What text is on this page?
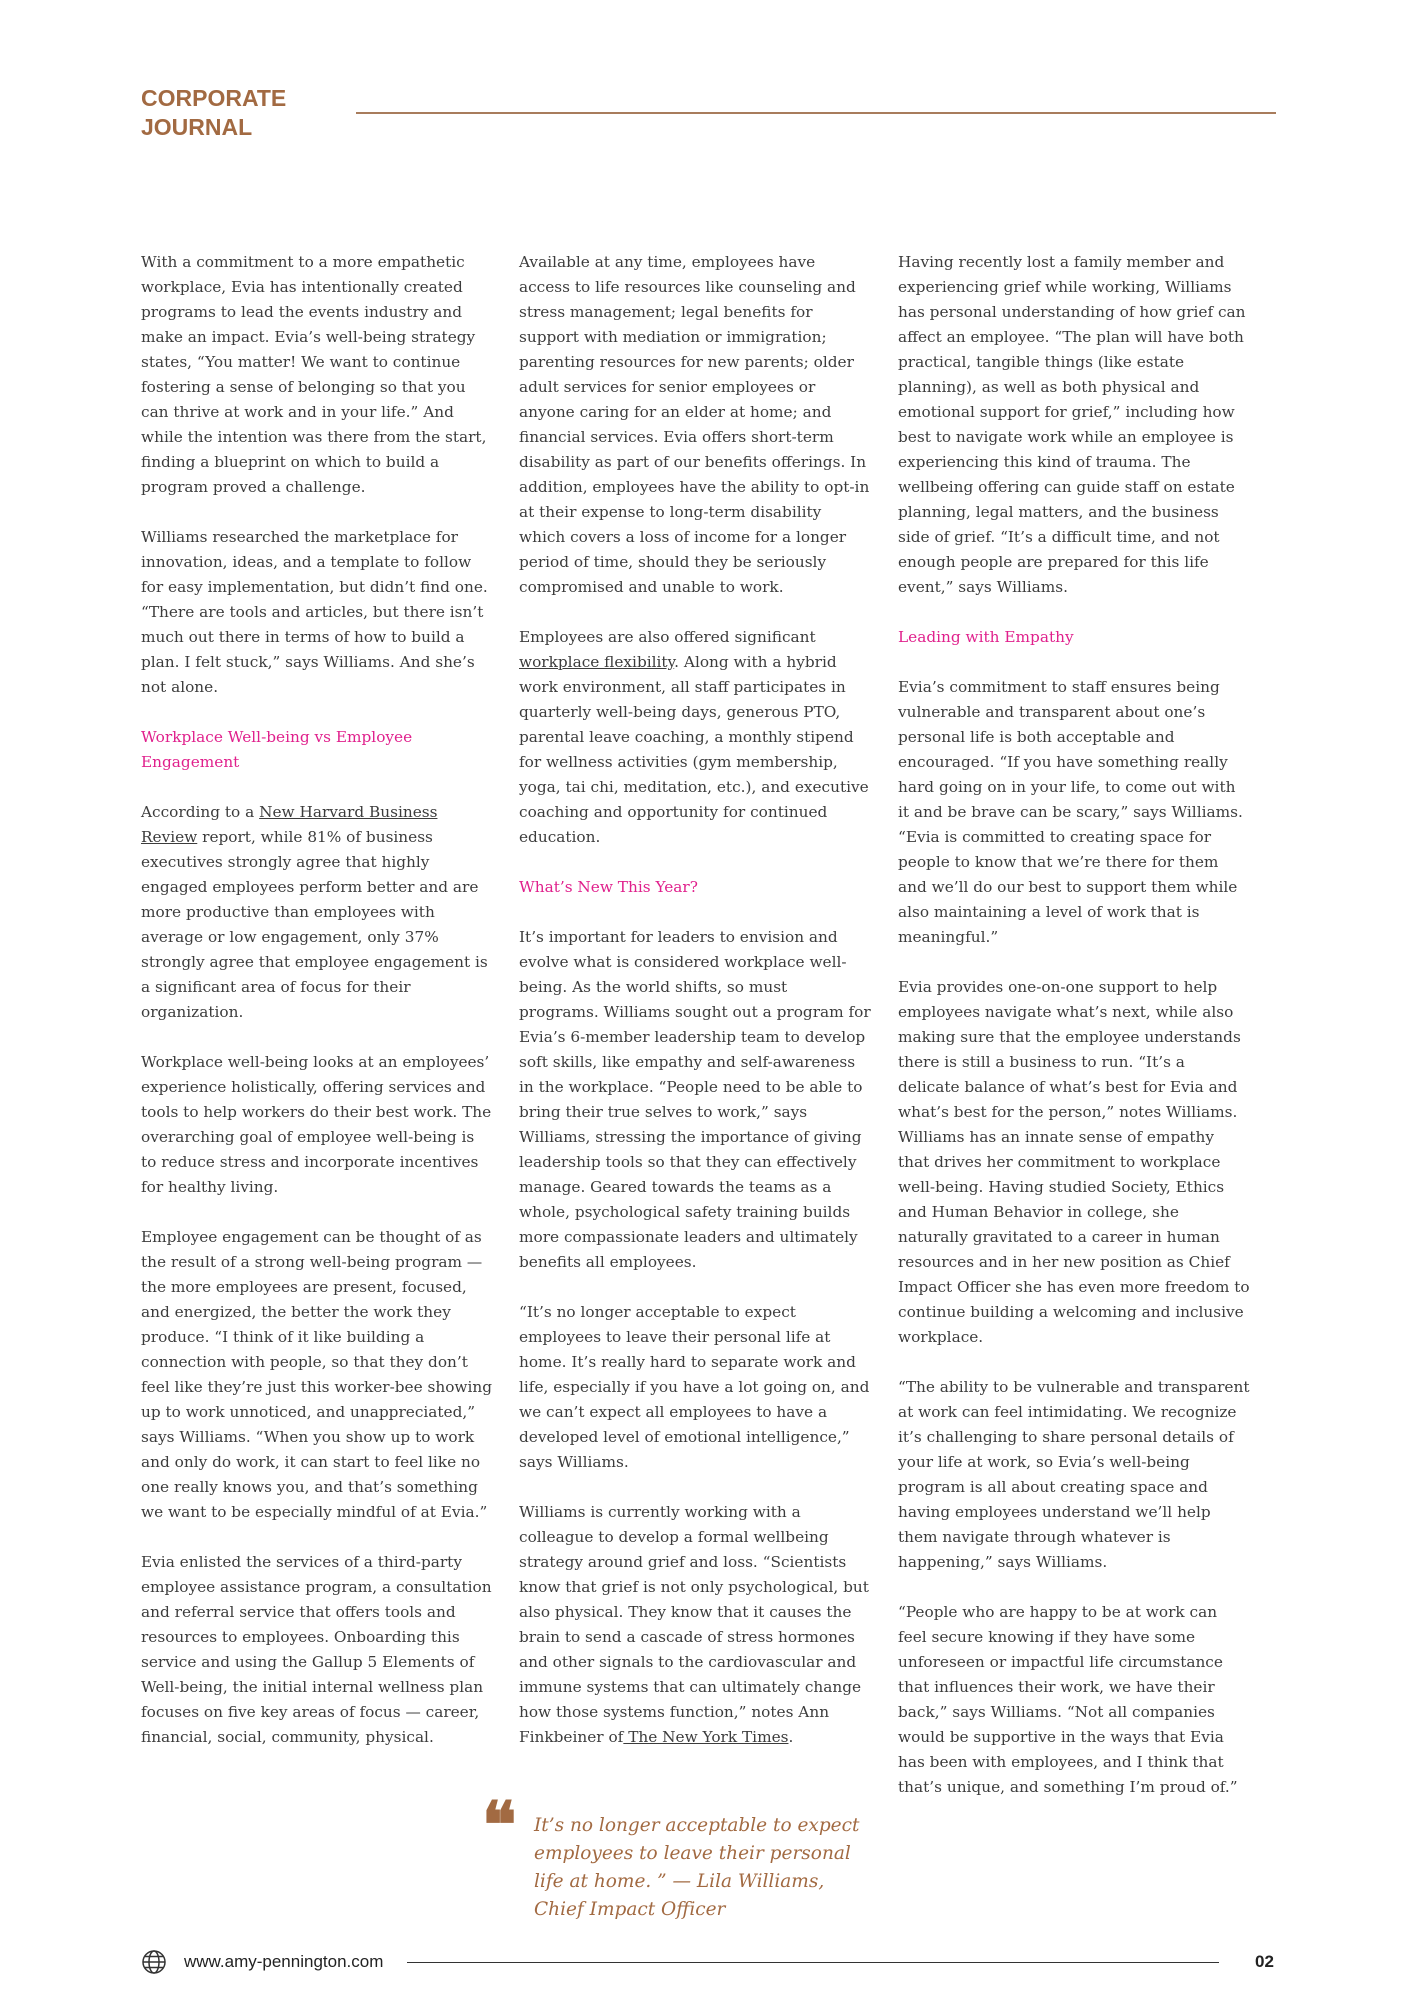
CORPORATE
JOURNAL

With a commitment to a more empathetic workplace, Evia has intentionally created programs to lead the events industry and make an impact. Evia’s well-being strategy states, “You matter! We want to continue fostering a sense of belonging so that you can thrive at work and in your life.” And while the intention was there from the start, finding a blueprint on which to build a program proved a challenge.

Williams researched the marketplace for innovation, ideas, and a template to follow for easy implementation, but didn’t find one. “There are tools and articles, but there isn’t much out there in terms of how to build a plan. I felt stuck,” says Williams. And she’s not alone.

Workplace Well-being vs Employee Engagement

According to a New Harvard Business Review report, while 81% of business executives strongly agree that highly engaged employees perform better and are more productive than employees with average or low engagement, only 37% strongly agree that employee engagement is a significant area of focus for their organization.

Workplace well-being looks at an employees’ experience holistically, offering services and tools to help workers do their best work. The overarching goal of employee well-being is to reduce stress and incorporate incentives for healthy living.

Employee engagement can be thought of as the result of a strong well-being program — the more employees are present, focused, and energized, the better the work they produce. “I think of it like building a connection with people, so that they don’t feel like they’re just this worker-bee showing up to work unnoticed, and unappreciated,” says Williams. “When you show up to work and only do work, it can start to feel like no one really knows you, and that’s something we want to be especially mindful of at Evia.”

Evia enlisted the services of a third-party employee assistance program, a consultation and referral service that offers tools and resources to employees. Onboarding this service and using the Gallup 5 Elements of Well-being, the initial internal wellness plan focuses on five key areas of focus — career, financial, social, community, physical.

Available at any time, employees have access to life resources like counseling and stress management; legal benefits for support with mediation or immigration; parenting resources for new parents; older adult services for senior employees or anyone caring for an elder at home; and financial services. Evia offers short-term disability as part of our benefits offerings. In addition, employees have the ability to opt-in at their expense to long-term disability which covers a loss of income for a longer period of time, should they be seriously compromised and unable to work.

Employees are also offered significant workplace flexibility. Along with a hybrid work environment, all staff participates in quarterly well-being days, generous PTO, parental leave coaching, a monthly stipend for wellness activities (gym membership, yoga, tai chi, meditation, etc.), and executive coaching and opportunity for continued education.

What’s New This Year?

It’s important for leaders to envision and evolve what is considered workplace well-being. As the world shifts, so must programs. Williams sought out a program for Evia’s 6-member leadership team to develop soft skills, like empathy and self-awareness in the workplace. “People need to be able to bring their true selves to work,” says Williams, stressing the importance of giving leadership tools so that they can effectively manage. Geared towards the teams as a whole, psychological safety training builds more compassionate leaders and ultimately benefits all employees.

“It’s no longer acceptable to expect employees to leave their personal life at home. It’s really hard to separate work and life, especially if you have a lot going on, and we can’t expect all employees to have a developed level of emotional intelligence,” says Williams.

Williams is currently working with a colleague to develop a formal wellbeing strategy around grief and loss. “Scientists know that grief is not only psychological, but also physical. They know that it causes the brain to send a cascade of stress hormones and other signals to the cardiovascular and immune systems that can ultimately change how those systems function,” notes Ann Finkbeiner of The New York Times.

Having recently lost a family member and experiencing grief while working, Williams has personal understanding of how grief can affect an employee. “The plan will have both practical, tangible things (like estate planning), as well as both physical and emotional support for grief,” including how best to navigate work while an employee is experiencing this kind of trauma. The wellbeing offering can guide staff on estate planning, legal matters, and the business side of grief. “It’s a difficult time, and not enough people are prepared for this life event,” says Williams.

Leading with Empathy

Evia’s commitment to staff ensures being vulnerable and transparent about one’s personal life is both acceptable and encouraged. “If you have something really hard going on in your life, to come out with it and be brave can be scary,” says Williams. “Evia is committed to creating space for people to know that we’re there for them and we’ll do our best to support them while also maintaining a level of work that is meaningful.”

Evia provides one-on-one support to help employees navigate what’s next, while also making sure that the employee understands there is still a business to run. “It’s a delicate balance of what’s best for Evia and what’s best for the person,” notes Williams. Williams has an innate sense of empathy that drives her commitment to workplace well-being. Having studied Society, Ethics and Human Behavior in college, she naturally gravitated to a career in human resources and in her new position as Chief Impact Officer she has even more freedom to continue building a welcoming and inclusive workplace.

“The ability to be vulnerable and transparent at work can feel intimidating. We recognize it’s challenging to share personal details of your life at work, so Evia’s well-being program is all about creating space and having employees understand we’ll help them navigate through whatever is happening,” says Williams.

“People who are happy to be at work can feel secure knowing if they have some unforeseen or impactful life circumstance that influences their work, we have their back,” says Williams. “Not all companies would be supportive in the ways that Evia has been with employees, and I think that that’s unique, and something I’m proud of.”

❝ It’s no longer acceptable to expect employees to leave their personal life at home. ” — Lila Williams, Chief Impact Officer
www.amy-pennington.com	02
